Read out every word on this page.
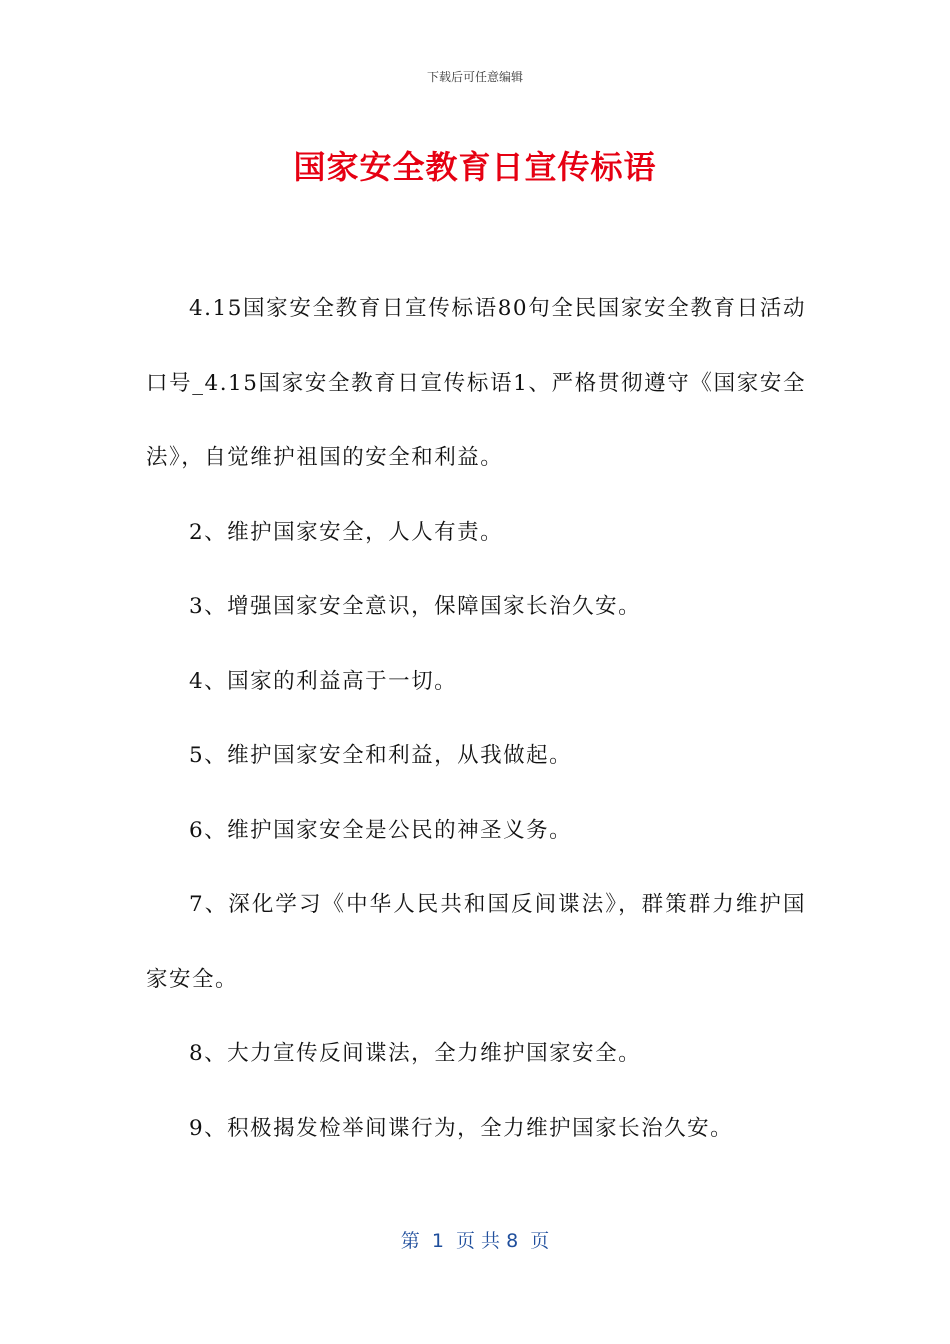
下载后可任意编辑
国家安全教育日宣传标语

4.15国家安全教育日宣传标语80句全民国家安全教育日活动口号_4.15国家安全教育日宣传标语1、严格贯彻遵守《国家安全法》，自觉维护祖国的安全和利益。

2、维护国家安全，人人有责。

3、增强国家安全意识，保障国家长治久安。

4、国家的利益高于一切。

5、维护国家安全和利益，从我做起。

6、维护国家安全是公民的神圣义务。

7、深化学习《中华人民共和国反间谍法》，群策群力维护国家安全。

8、大力宣传反间谍法，全力维护国家安全。

9、积极揭发检举间谍行为，全力维护国家长治久安。

第  1  页 共 8  页
